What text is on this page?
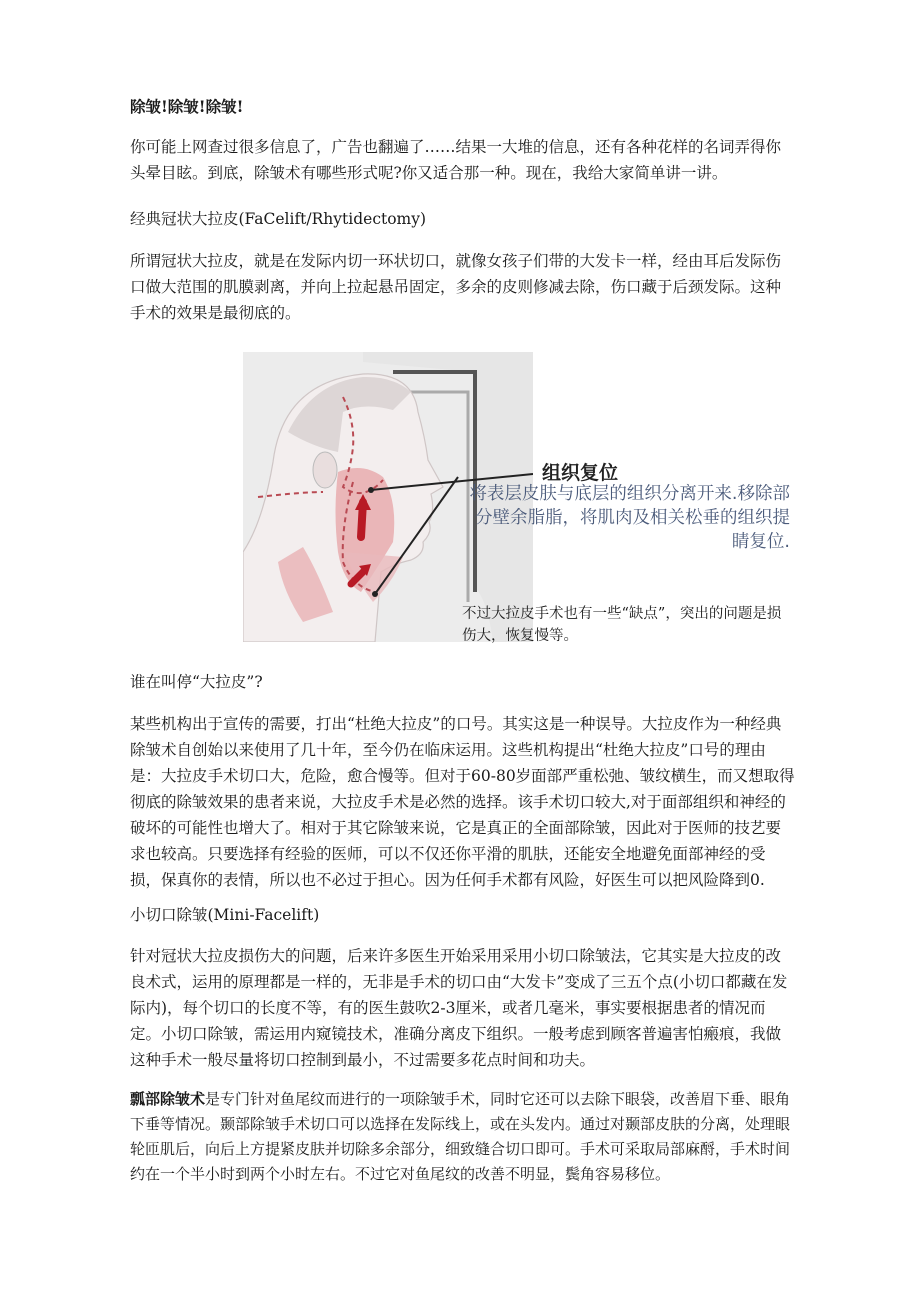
除皱!除皱!除皱!

你可能上网查过很多信息了，广告也翻遍了……结果一大堆的信息，还有各种花样的名词弄得你头晕目眩。到底，除皱术有哪些形式呢?你又适合那一种。现在，我给大家简单讲一讲。

经典冠状大拉皮(FaCelift/Rhytidectomy)

所谓冠状大拉皮，就是在发际内切一环状切口，就像女孩子们带的大发卡一样，经由耳后发际伤口做大范围的肌膜剥离，并向上拉起悬吊固定，多余的皮则修减去除，伤口藏于后颈发际。这种手术的效果是最彻底的。

组织复位

将表层皮肤与底层的组织分离开来.移除部分壁余脂脂，将肌肉及相关松垂的组织提睛复位.

不过大拉皮手术也有一些“缺点”，突出的问题是损伤大，恢复慢等。

谁在叫停“大拉皮”?

某些机构出于宣传的需要，打出“杜绝大拉皮”的口号。其实这是一种误导。大拉皮作为一种经典除皱术自创始以来使用了几十年，至今仍在临床运用。这些机构提出“杜绝大拉皮”口号的理由是：大拉皮手术切口大，危险，愈合慢等。但对于60-80岁面部严重松弛、皱纹横生，而又想取得彻底的除皱效果的患者来说，大拉皮手术是必然的选择。该手术切口较大,对于面部组织和神经的破坏的可能性也增大了。相对于其它除皱来说，它是真正的全面部除皱，因此对于医师的技艺要求也较高。只要选择有经验的医师，可以不仅还你平滑的肌肤，还能安全地避免面部神经的受损，保真你的表情，所以也不必过于担心。因为任何手术都有风险，好医生可以把风险降到0.

小切口除皱(Mini-Facelift)

针对冠状大拉皮损伤大的问题，后来许多医生开始采用采用小切口除皱法，它其实是大拉皮的改良术式，运用的原理都是一样的，无非是手术的切口由“大发卡”变成了三五个点(小切口都藏在发际内)，每个切口的长度不等，有的医生鼓吹2-3厘米，或者几毫米，事实要根据患者的情况而定。小切口除皱，需运用内窥镜技术，准确分离皮下组织。一般考虑到顾客普遍害怕瘢痕，我做这种手术一般尽量将切口控制到最小，不过需要多花点时间和功夫。

瓢部除皱术是专门针对鱼尾纹而进行的一项除皱手术，同时它还可以去除下眼袋，改善眉下垂、眼角下垂等情况。颞部除皱手术切口可以选择在发际线上，或在头发内。通过对颞部皮肤的分离，处理眼轮匝肌后，向后上方提紧皮肤并切除多余部分，细致缝合切口即可。手术可采取局部麻酹，手术时间约在一个半小时到两个小时左右。不过它对鱼尾纹的改善不明显，鬓角容易移位。
